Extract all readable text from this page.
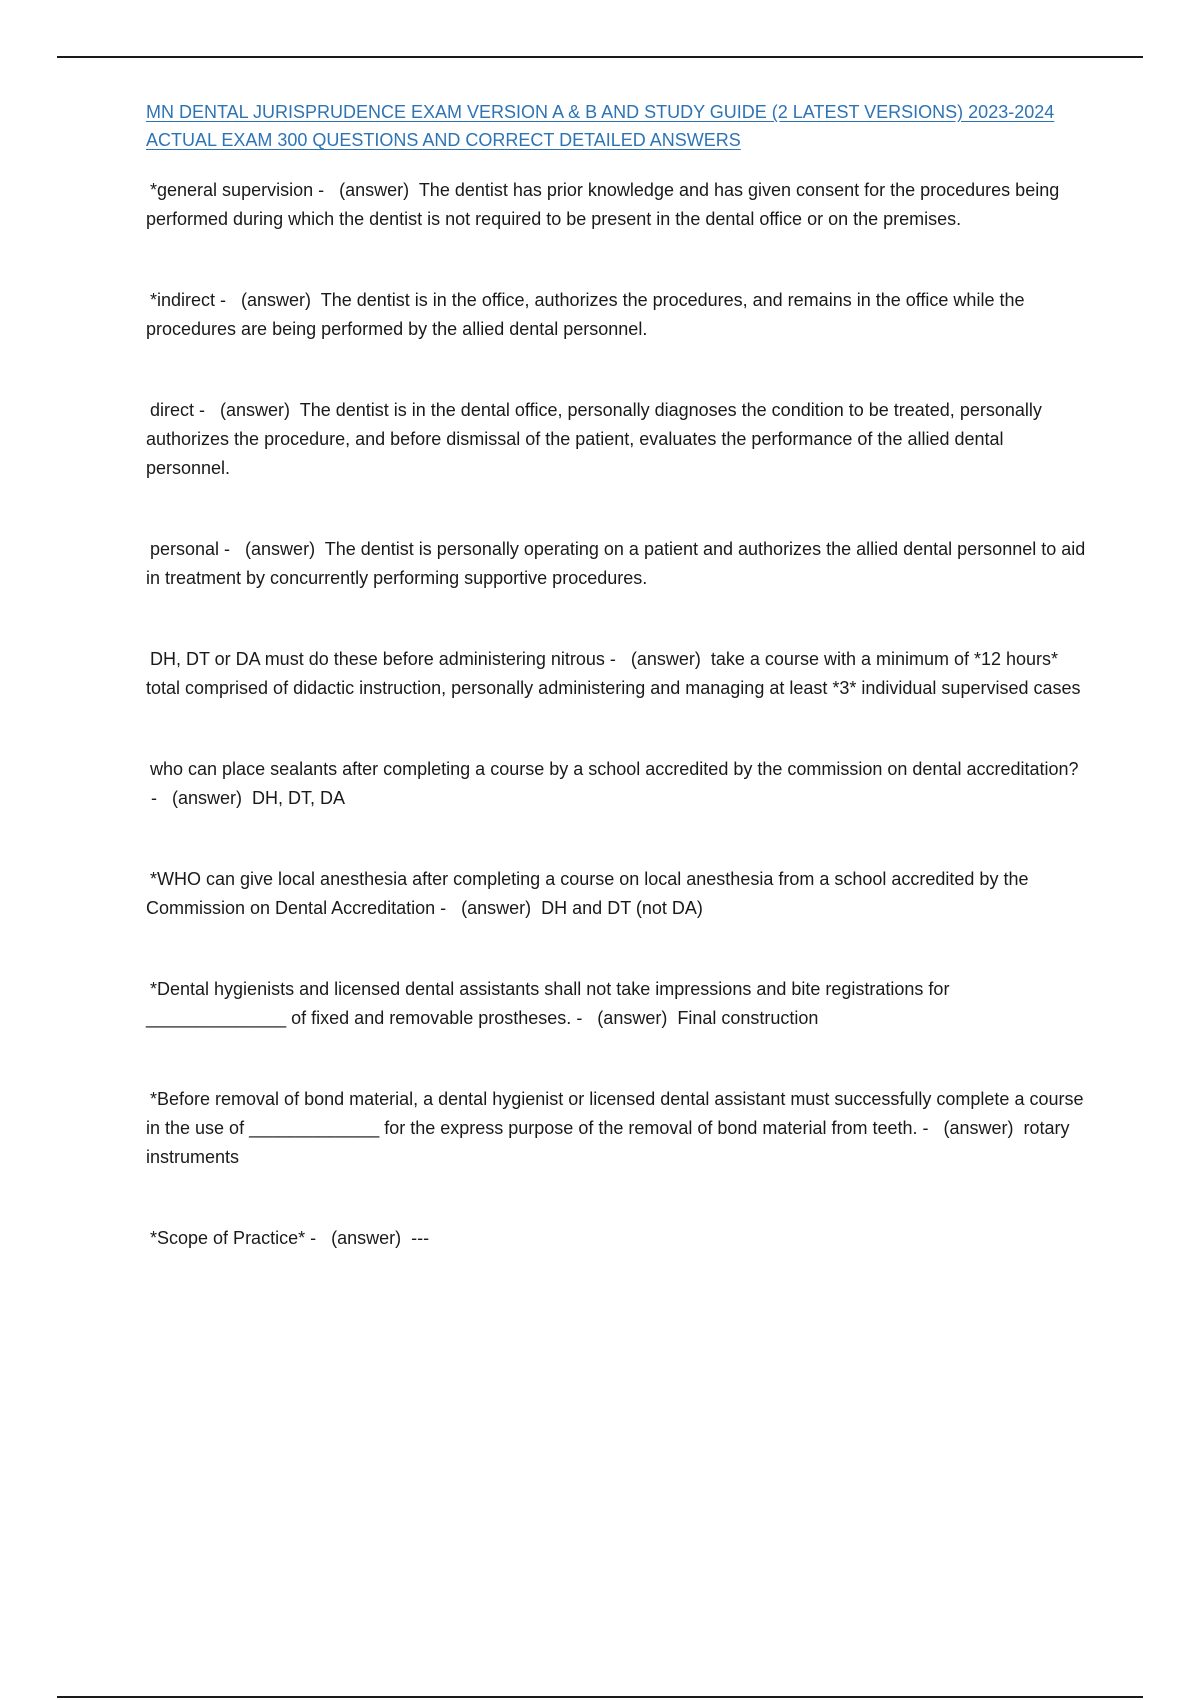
MN DENTAL JURISPRUDENCE EXAM VERSION A & B AND STUDY GUIDE (2 LATEST VERSIONS) 2023-2024
ACTUAL EXAM 300 QUESTIONS AND CORRECT DETAILED ANSWERS

*general supervision -   (answer)  The dentist has prior knowledge and has given consent for the procedures being performed during which the dentist is not required to be present in the dental office or on the premises.

*indirect -   (answer)  The dentist is in the office, authorizes the procedures, and remains in the office while the procedures are being performed by the allied dental personnel.

direct -   (answer)  The dentist is in the dental office, personally diagnoses the condition to be treated, personally authorizes the procedure, and before dismissal of the patient, evaluates the performance of the allied dental personnel.

personal -   (answer)  The dentist is personally operating on a patient and authorizes the allied dental personnel to aid in treatment by concurrently performing supportive procedures.

DH, DT or DA must do these before administering nitrous -   (answer)  take a course with a minimum of *12 hours* total comprised of didactic instruction, personally administering and managing at least *3* individual supervised cases

who can place sealants after completing a course by a school accredited by the commission on dental accreditation? -   (answer)  DH, DT, DA

*WHO can give local anesthesia after completing a course on local anesthesia from a school accredited by the Commission on Dental Accreditation -   (answer)  DH and DT (not DA)

*Dental hygienists and licensed dental assistants shall not take impressions and bite registrations for ______________ of fixed and removable prostheses. -   (answer)  Final construction

*Before removal of bond material, a dental hygienist or licensed dental assistant must successfully complete a course in the use of _____________ for the express purpose of the removal of bond material from teeth. -   (answer)  rotary instruments

*Scope of Practice* -   (answer)  ---
